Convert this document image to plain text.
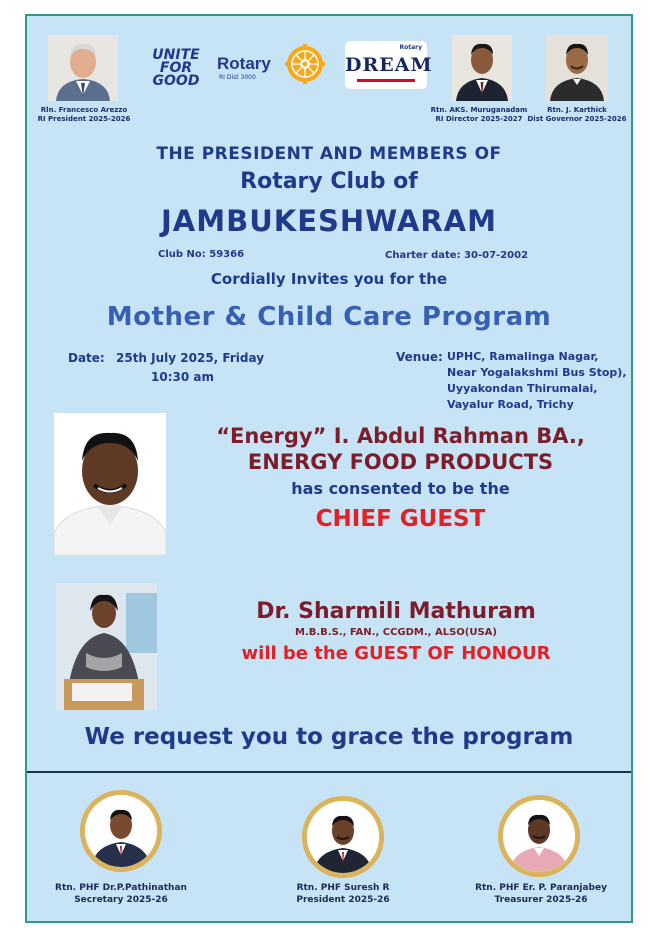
Rln. Francesco Arezzo
RI President 2025-2026
UNITE
FOR
GOOD
Rotary
RI Dist 3000
Rotary
DREAM
Rtn. AKS. Muruganadam
RI Director 2025-2027
Rtn. J. Karthick
Dist Governor 2025-2026
THE PRESIDENT AND MEMBERS OF
Rotary Club of
JAMBUKESHWARAM
Club No: 59366	Charter date: 30-07-2002
Cordially Invites you for the
Mother & Child Care Program
Date: 25th July 2025, Friday
10:30 am
Venue: UPHC, Ramalinga Nagar,
Near Yogalakshmi Bus Stop),
Uyyakondan Thirumalai,
Vayalur Road, Trichy
“Energy” I. Abdul Rahman BA.,
ENERGY FOOD PRODUCTS
has consented to be the
CHIEF GUEST
Dr. Sharmili Mathuram
M.B.B.S., FAN., CCGDM., ALSO(USA)
will be the GUEST OF HONOUR
We request you to grace the program
Rtn. PHF Dr.P.Pathinathan
Secretary 2025-26
Rtn. PHF Suresh R
President 2025-26
Rtn. PHF Er. P. Paranjabey
Treasurer 2025-26
